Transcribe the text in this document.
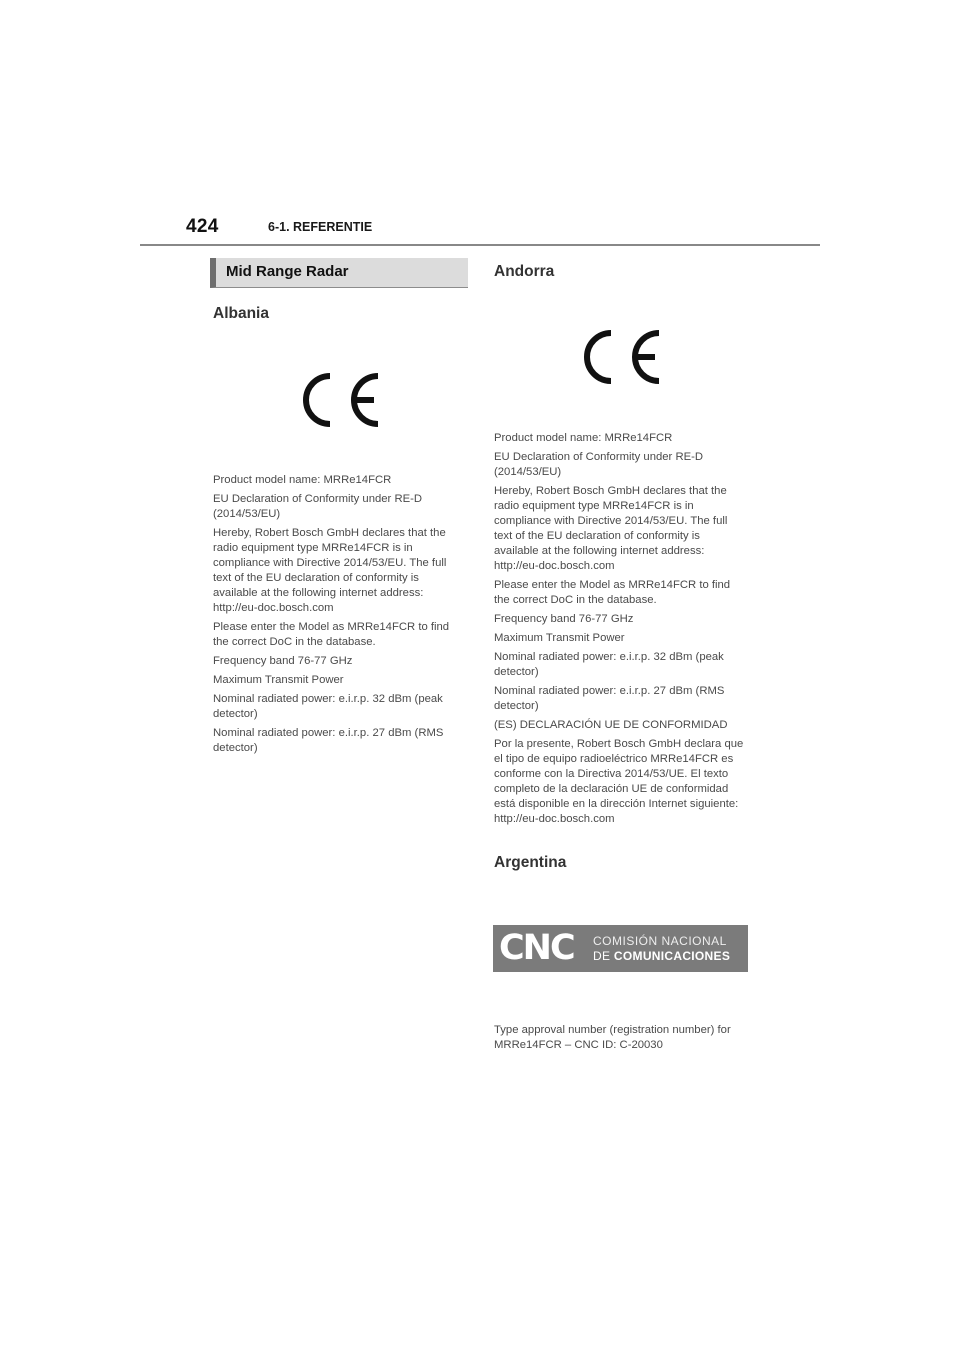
424	6-1. REFERENTIE
Mid Range Radar
Albania

Product model name: MRRe14FCR

EU Declaration of Conformity under RE-D (2014/53/EU)

Hereby, Robert Bosch GmbH declares that the radio equipment type MRRe14FCR is in compliance with Directive 2014/53/EU. The full text of the EU declaration of conformity is available at the following internet address: http://eu-doc.bosch.com

Please enter the Model as MRRe14FCR to find the correct DoC in the database.

Frequency band 76-77 GHz

Maximum Transmit Power

Nominal radiated power: e.i.r.p. 32 dBm (peak detector)

Nominal radiated power: e.i.r.p. 27 dBm (RMS detector)

Andorra

Product model name: MRRe14FCR

EU Declaration of Conformity under RE-D (2014/53/EU)

Hereby, Robert Bosch GmbH declares that the radio equipment type MRRe14FCR is in compliance with Directive 2014/53/EU. The full text of the EU declaration of conformity is available at the following internet address: http://eu-doc.bosch.com

Please enter the Model as MRRe14FCR to find the correct DoC in the database.

Frequency band 76-77 GHz

Maximum Transmit Power

Nominal radiated power: e.i.r.p. 32 dBm (peak detector)

Nominal radiated power: e.i.r.p. 27 dBm (RMS detector)

(ES) DECLARACIÓN UE DE CONFORMIDAD

Por la presente, Robert Bosch GmbH declara que el tipo de equipo radioeléctrico MRRe14FCR es conforme con la Directiva 2014/53/UE. El texto completo de la declaración UE de conformidad está disponible en la dirección Internet siguiente: http://eu-doc.bosch.com

Argentina
CNC COMISIÓN NACIONAL
DE COMUNICACIONES

Type approval number (registration number) for MRRe14FCR – CNC ID: C-20030
